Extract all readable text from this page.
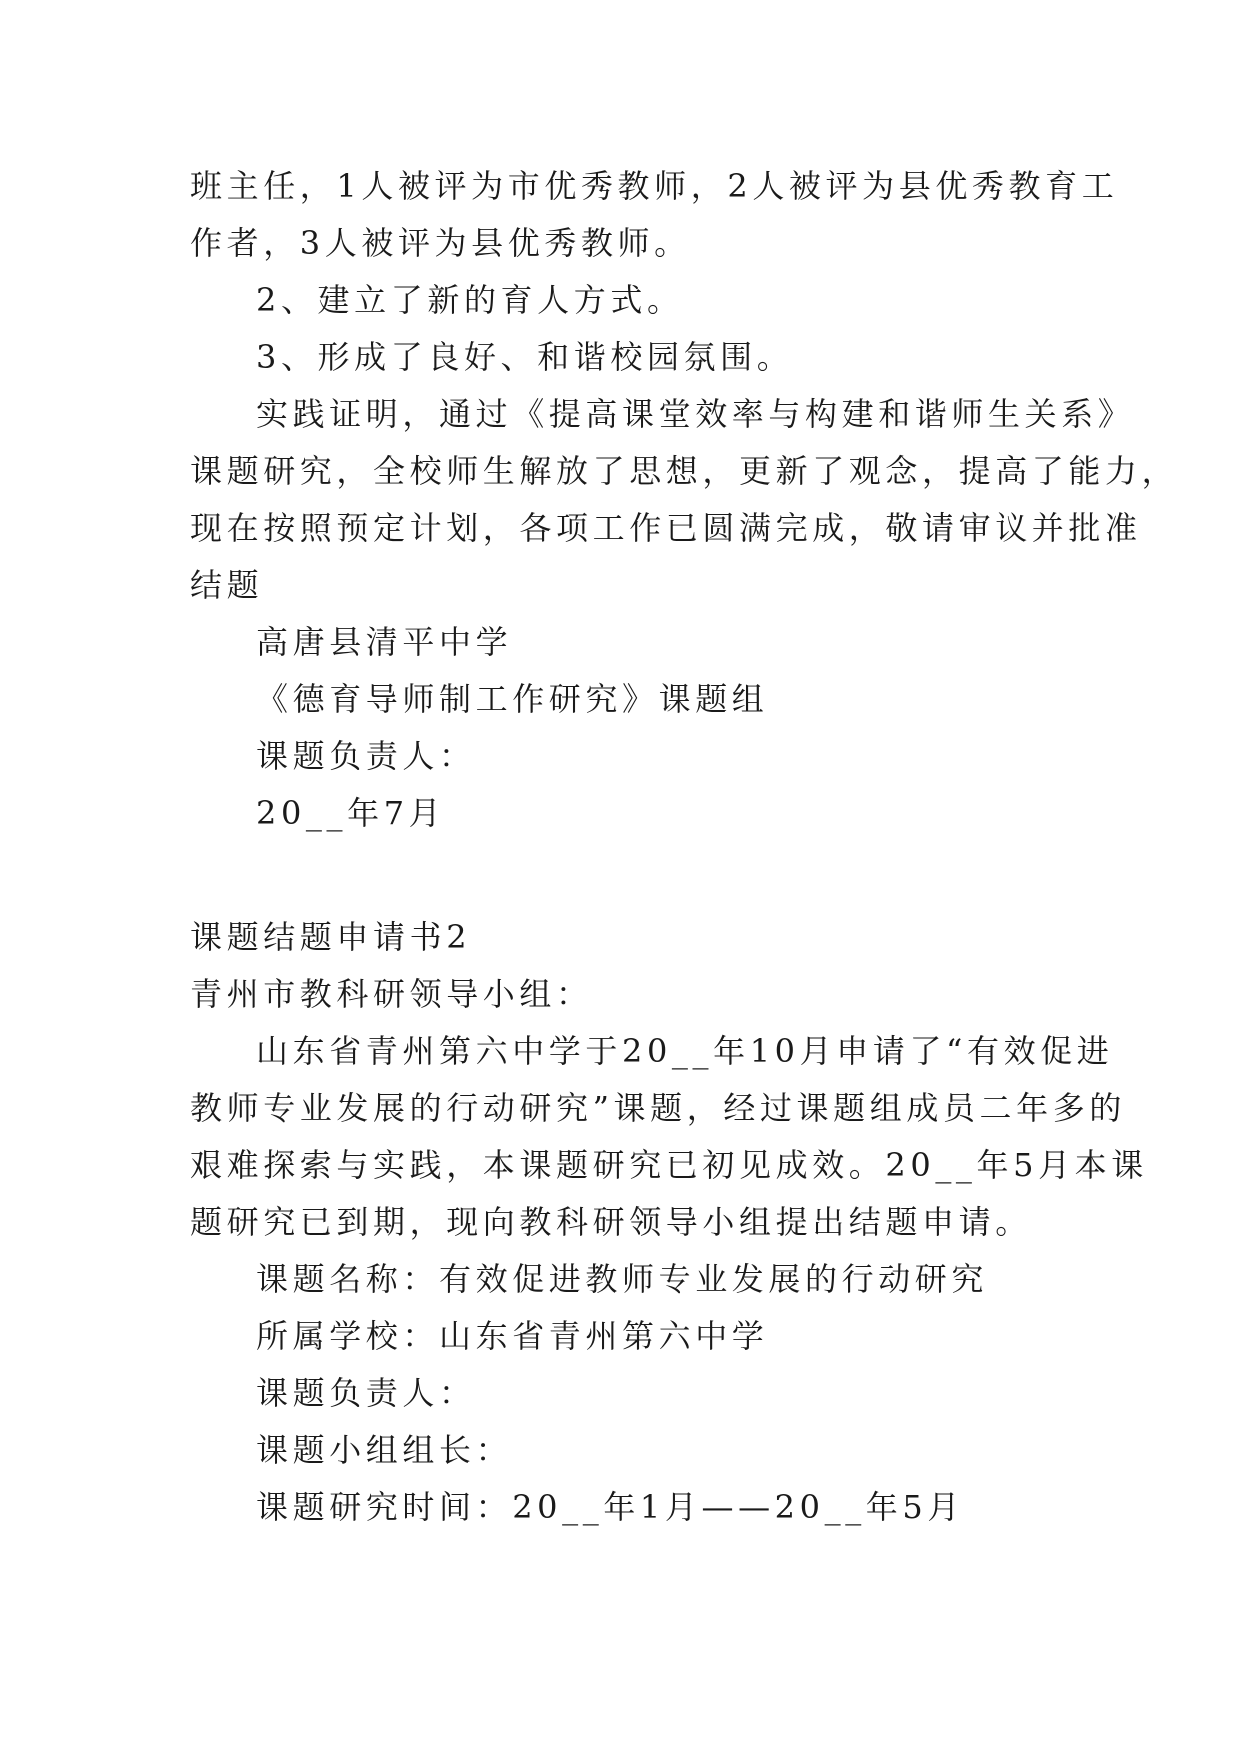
班主任，1人被评为市优秀教师，2人被评为县优秀教育工
作者，3人被评为县优秀教师。
2、建立了新的育人方式。
3、形成了良好、和谐校园氛围。
实践证明，通过《提高课堂效率与构建和谐师生关系》
课题研究，全校师生解放了思想，更新了观念，提高了能力，
现在按照预定计划，各项工作已圆满完成，敬请审议并批准
结题
高唐县清平中学
《德育导师制工作研究》课题组
课题负责人：
20__年7月
课题结题申请书2
青州市教科研领导小组：
山东省青州第六中学于20__年10月申请了“有效促进
教师专业发展的行动研究”课题，经过课题组成员二年多的
艰难探索与实践，本课题研究已初见成效。20__年5月本课
题研究已到期，现向教科研领导小组提出结题申请。
课题名称：有效促进教师专业发展的行动研究
所属学校：山东省青州第六中学
课题负责人：
课题小组组长：
课题研究时间：20__年1月——20__年5月
